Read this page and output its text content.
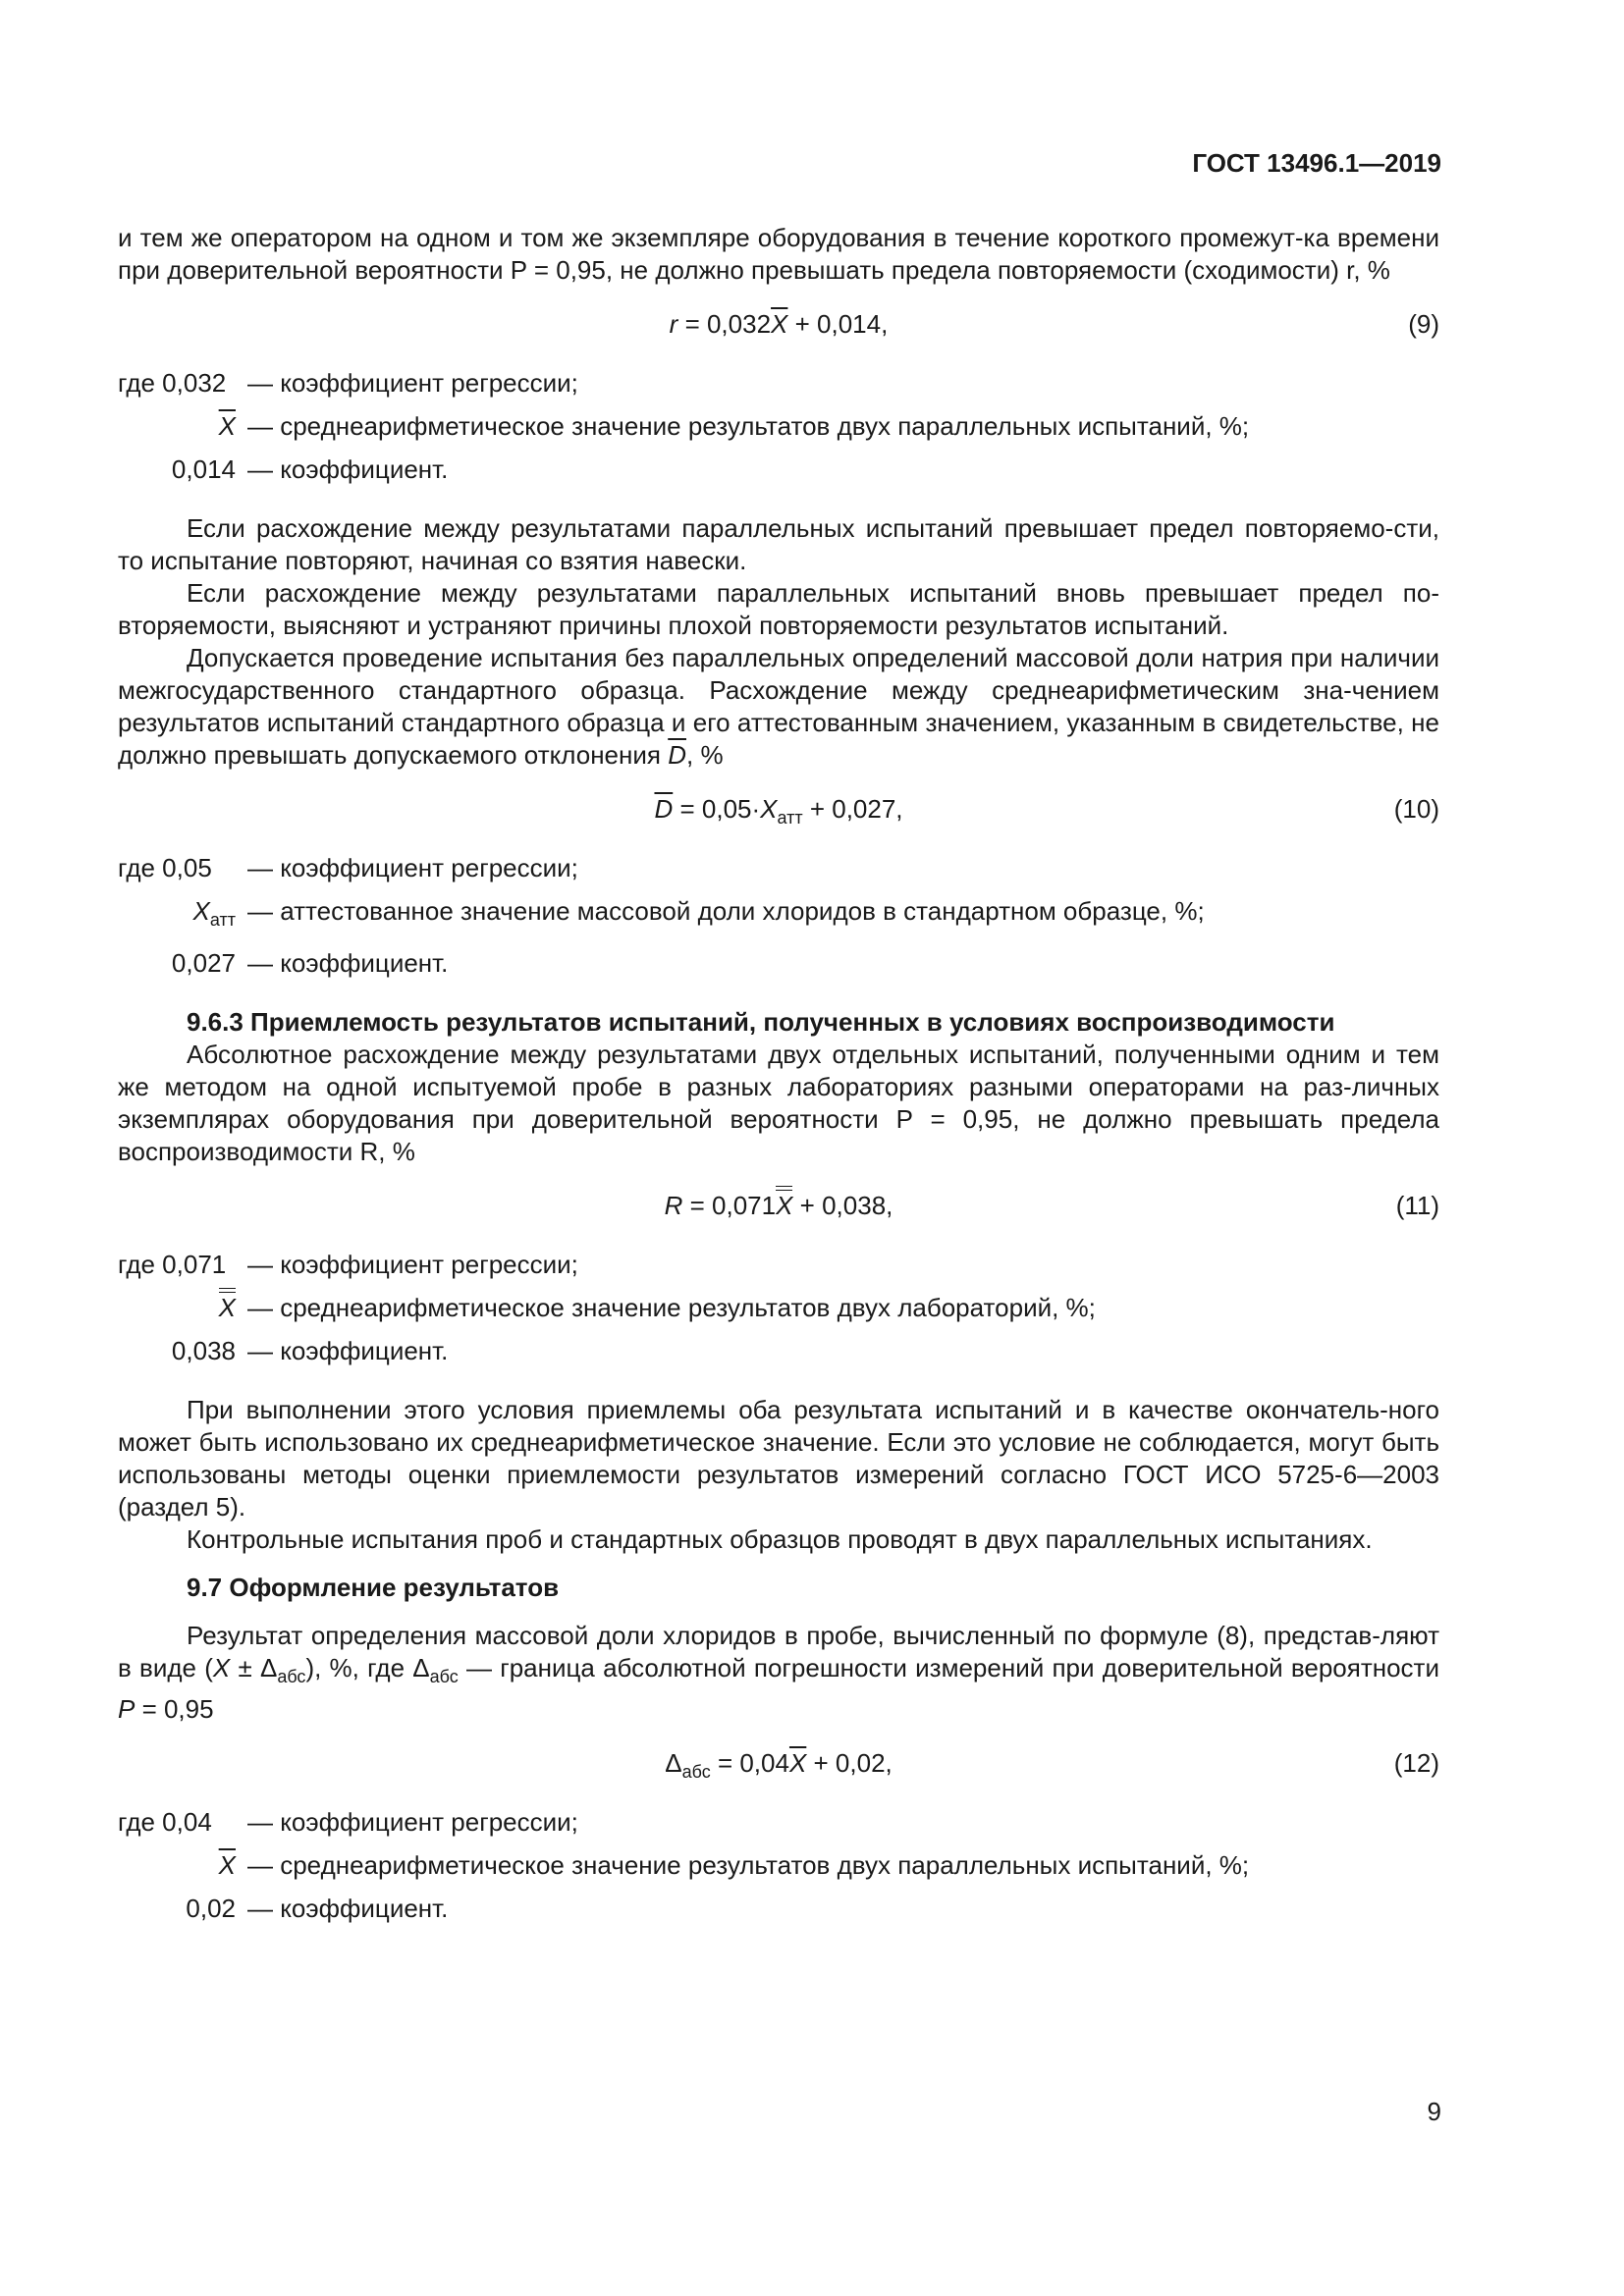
ГОСТ 13496.1—2019

и тем же оператором на одном и том же экземпляре оборудования в течение короткого промежут-ка времени при доверительной вероятности P = 0,95, не должно превышать предела повторяемости (сходимости) r, %

$r = 0,032\overline{X} + 0,014$,	(9)
где 0,032 — коэффициент регрессии;
$\overline{X}$ — среднеарифметическое значение результатов двух параллельных испытаний, %;
0,014 — коэффициент.

Если расхождение между результатами параллельных испытаний превышает предел повторяемо-сти, то испытание повторяют, начиная со взятия навески.

Если расхождение между результатами параллельных испытаний вновь превышает предел по-вторяемости, выясняют и устраняют причины плохой повторяемости результатов испытаний.

Допускается проведение испытания без параллельных определений массовой доли натрия при наличии межгосударственного стандартного образца. Расхождение между среднеарифметическим зна-чением результатов испытаний стандартного образца и его аттестованным значением, указанным в свидетельстве, не должно превышать допускаемого отклонения $\overline{D}$, %

$\overline{D} = 0,05\cdot X_{атт} + 0,027$,	(10)
где 0,05	— коэффициент регрессии;
$X_{атт}$ — аттестованное значение массовой доли хлоридов в стандартном образце, %;
0,027 — коэффициент.

9.6.3 Приемлемость результатов испытаний, полученных в условиях воспроизводимости

Абсолютное расхождение между результатами двух отдельных испытаний, полученными одним и тем же методом на одной испытуемой пробе в разных лабораториях разными операторами на раз-личных экземплярах оборудования при доверительной вероятности P = 0,95, не должно превышать предела воспроизводимости R, %

R = 0,071X + 0,038,	(11)
где 0,071 — коэффициент регрессии;
X — среднеарифметическое значение результатов двух лабораторий, %;
0,038 — коэффициент.

При выполнении этого условия приемлемы оба результата испытаний и в качестве окончатель-ного может быть использовано их среднеарифметическое значение. Если это условие не соблюдается, могут быть использованы методы оценки приемлемости результатов измерений согласно ГОСТ ИСО 5725-6—2003 (раздел 5).

Контрольные испытания проб и стандартных образцов проводят в двух параллельных испытаниях.

9.7 Оформление результатов

Результат определения массовой доли хлоридов в пробе, вычисленный по формуле (8), представ-ляют в виде $(X \pm \Delta_{абс})$, %, где $\Delta_{абс}$ — граница абсолютной погрешности измерений при доверительной вероятности P = 0,95

$\Delta_{абс} = 0,04\overline{X} + 0,02$,	(12)
где 0,04	— коэффициент регрессии;
$\overline{X}$ — среднеарифметическое значение результатов двух параллельных испытаний, %;
0,02 — коэффициент.
9
